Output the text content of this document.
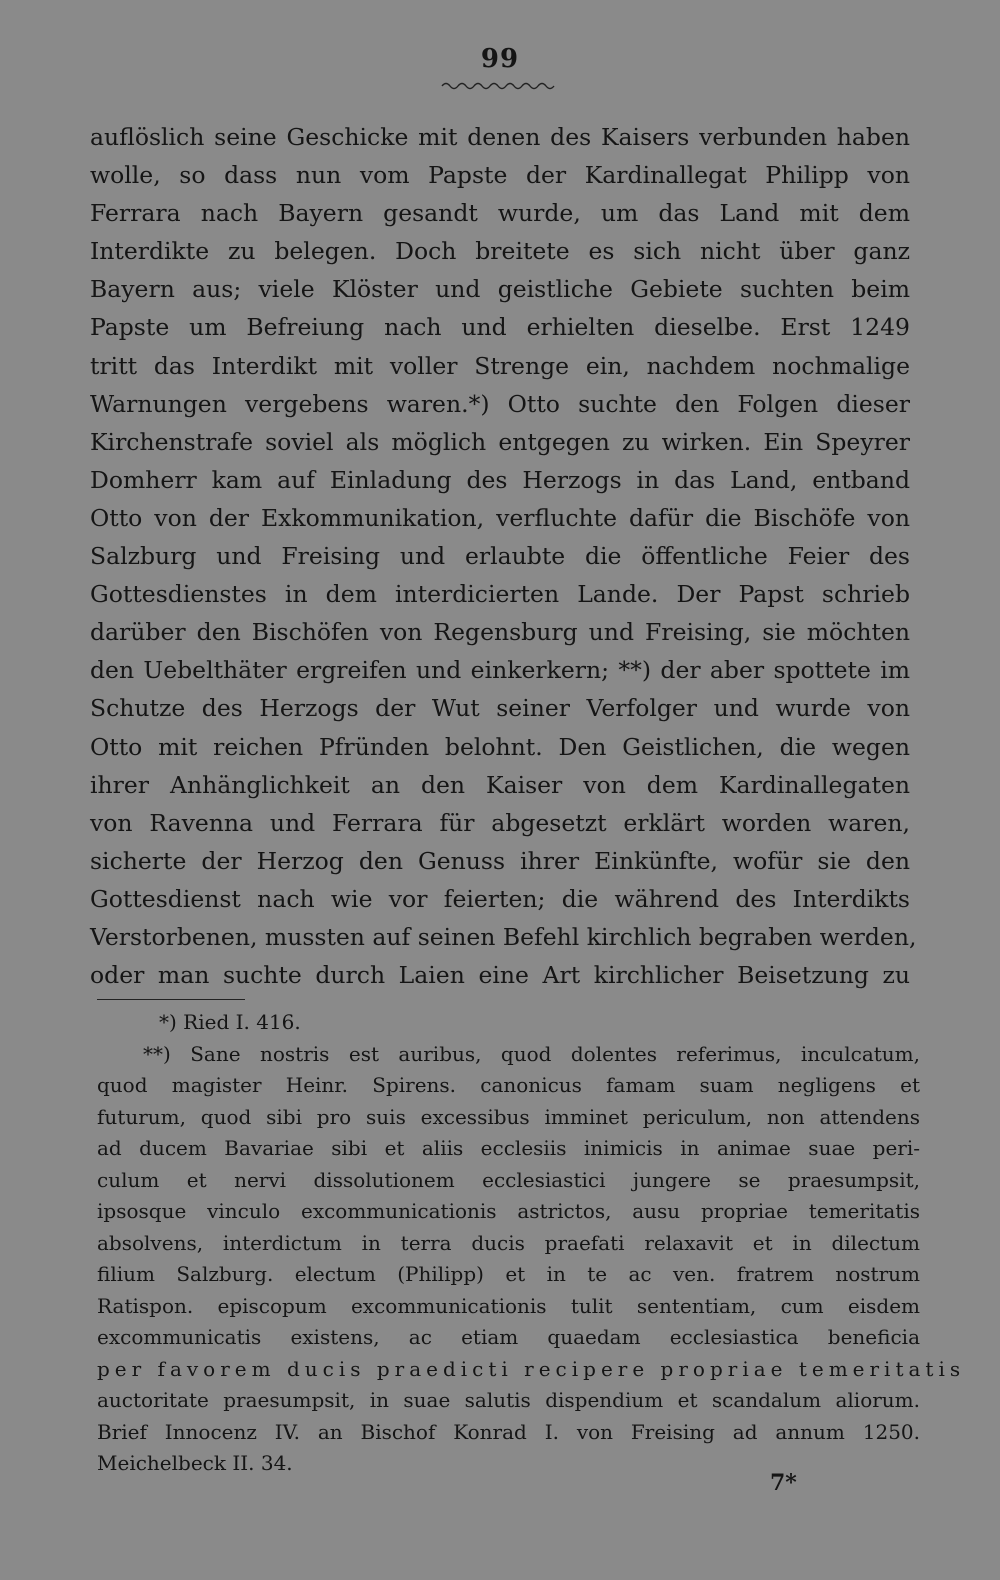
99
auflöslich seine Geschicke mit denen des Kaisers verbunden haben
wolle, so dass nun vom Papste der Kardinallegat Philipp von
Ferrara nach Bayern gesandt wurde, um das Land mit dem
Interdikte zu belegen. Doch breitete es sich nicht über ganz
Bayern aus; viele Klöster und geistliche Gebiete suchten beim
Papste um Befreiung nach und erhielten dieselbe. Erst 1249
tritt das Interdikt mit voller Strenge ein, nachdem nochmalige
Warnungen vergebens waren.*) Otto suchte den Folgen dieser
Kirchenstrafe soviel als möglich entgegen zu wirken. Ein Speyrer
Domherr kam auf Einladung des Herzogs in das Land, entband
Otto von der Exkommunikation, verfluchte dafür die Bischöfe von
Salzburg und Freising und erlaubte die öffentliche Feier des
Gottesdienstes in dem interdicierten Lande. Der Papst schrieb
darüber den Bischöfen von Regensburg und Freising, sie möchten
den Uebelthäter ergreifen und einkerkern; **) der aber spottete im
Schutze des Herzogs der Wut seiner Verfolger und wurde von
Otto mit reichen Pfründen belohnt. Den Geistlichen, die wegen
ihrer Anhänglichkeit an den Kaiser von dem Kardinallegaten
von Ravenna und Ferrara für abgesetzt erklärt worden waren,
sicherte der Herzog den Genuss ihrer Einkünfte, wofür sie den
Gottesdienst nach wie vor feierten; die während des Interdikts
Verstorbenen, mussten auf seinen Befehl kirchlich begraben werden,
oder man suchte durch Laien eine Art kirchlicher Beisetzung zu
*) Ried I. 416.
**) Sane nostris est auribus, quod dolentes referimus, inculcatum,
quod magister Heinr. Spirens. canonicus famam suam negligens et
futurum, quod sibi pro suis excessibus imminet periculum, non attendens
ad ducem Bavariae sibi et aliis ecclesiis inimicis in animae suae peri-
culum et nervi dissolutionem ecclesiastici jungere se praesumpsit,
ipsosque vinculo excommunicationis astrictos, ausu propriae temeritatis
absolvens, interdictum in terra ducis praefati relaxavit et in dilectum
filium Salzburg. electum (Philipp) et in te ac ven. fratrem nostrum
Ratispon. episcopum excommunicationis tulit sententiam, cum eisdem
excommunicatis existens, ac etiam quaedam ecclesiastica beneficia
per favorem ducis praedicti recipere propriae temeritatis
auctoritate praesumpsit, in suae salutis dispendium et scandalum aliorum.
Brief Innocenz IV. an Bischof Konrad I. von Freising ad annum 1250.
Meichelbeck II. 34.
7*
